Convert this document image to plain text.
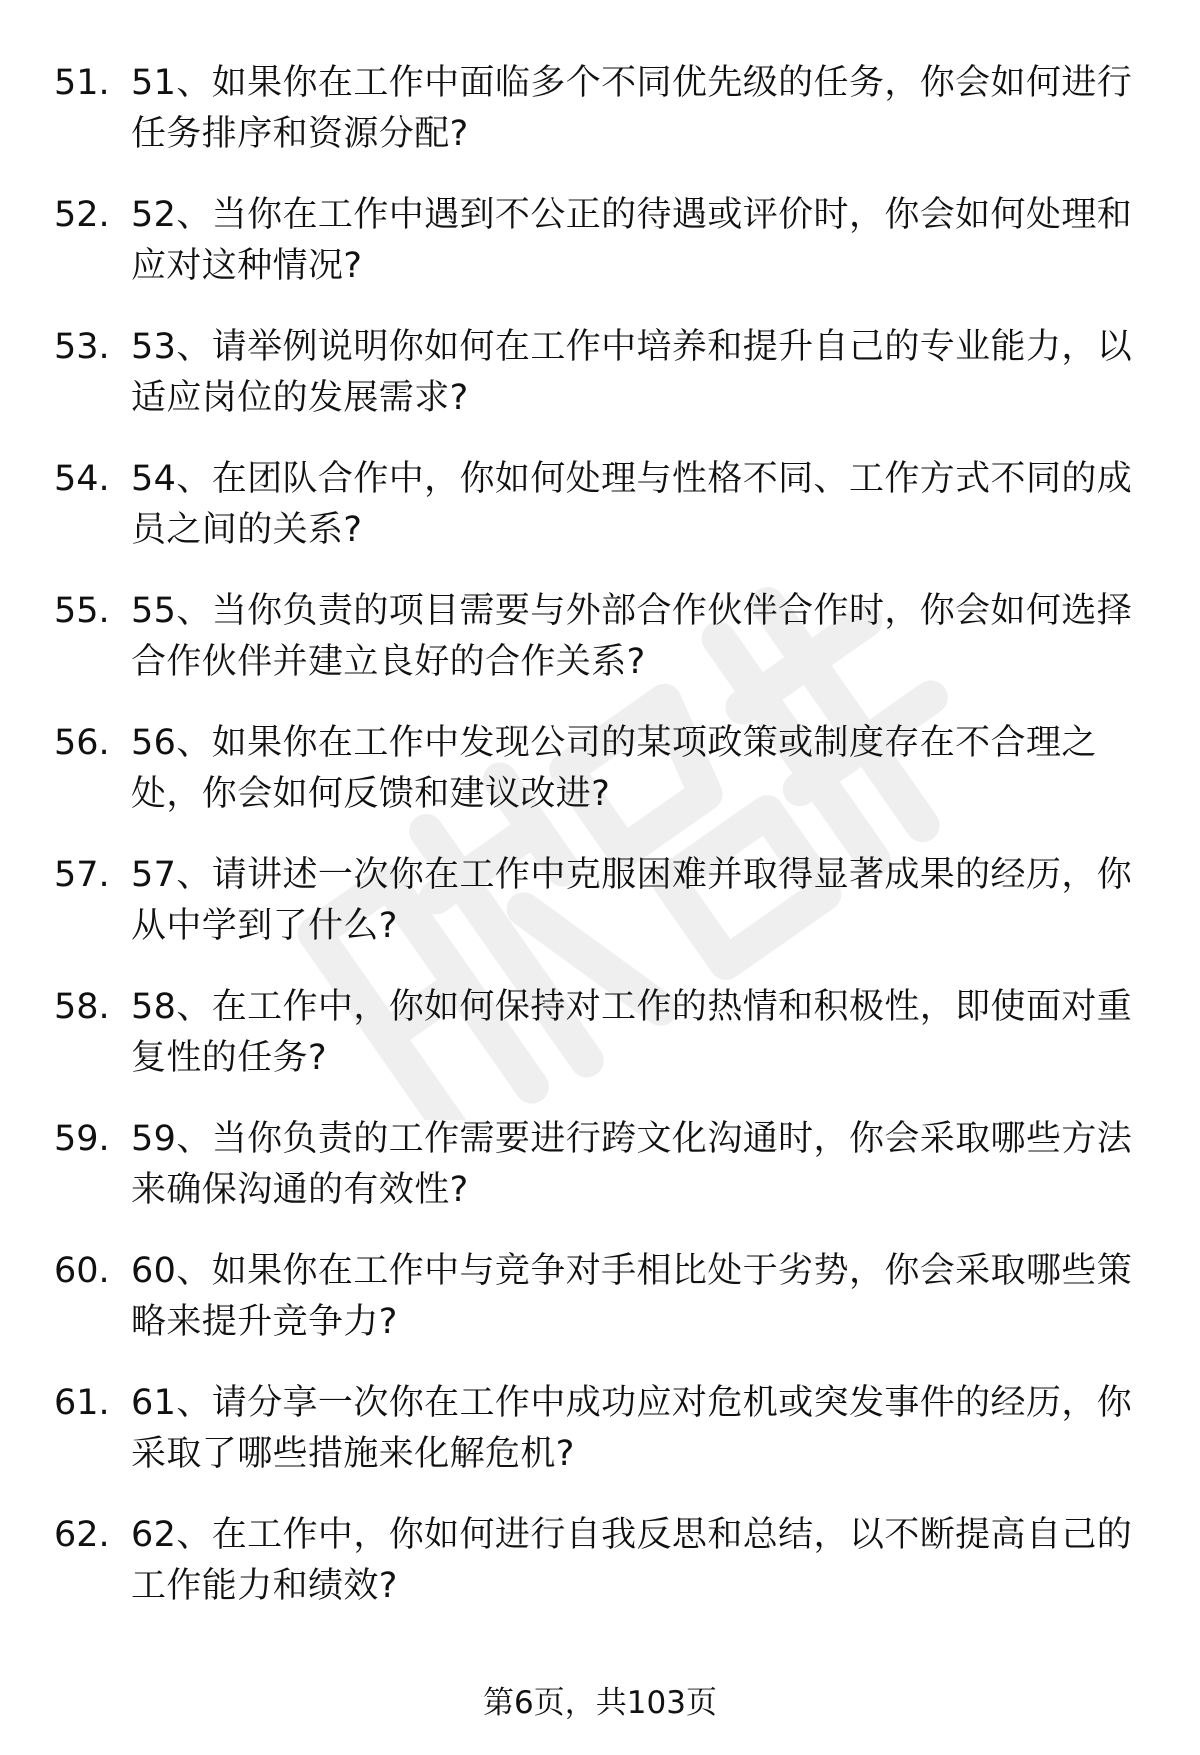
51. 51、如果你在工作中面临多个不同优先级的任务，你会如何进行任务排序和资源分配?
52. 52、当你在工作中遇到不公正的待遇或评价时，你会如何处理和应对这种情况?
53. 53、请举例说明你如何在工作中培养和提升自己的专业能力，以适应岗位的发展需求?
54. 54、在团队合作中，你如何处理与性格不同、工作方式不同的成员之间的关系?
55. 55、当你负责的项目需要与外部合作伙伴合作时，你会如何选择合作伙伴并建立良好的合作关系?
56. 56、如果你在工作中发现公司的某项政策或制度存在不合理之处，你会如何反馈和建议改进?
57. 57、请讲述一次你在工作中克服困难并取得显著成果的经历，你从中学到了什么?
58. 58、在工作中，你如何保持对工作的热情和积极性，即使面对重复性的任务?
59. 59、当你负责的工作需要进行跨文化沟通时，你会采取哪些方法来确保沟通的有效性?
60. 60、如果你在工作中与竞争对手相比处于劣势，你会采取哪些策略来提升竞争力?
61. 61、请分享一次你在工作中成功应对危机或突发事件的经历，你采取了哪些措施来化解危机?
62. 62、在工作中，你如何进行自我反思和总结，以不断提高自己的工作能力和绩效?
第6页，共103页
